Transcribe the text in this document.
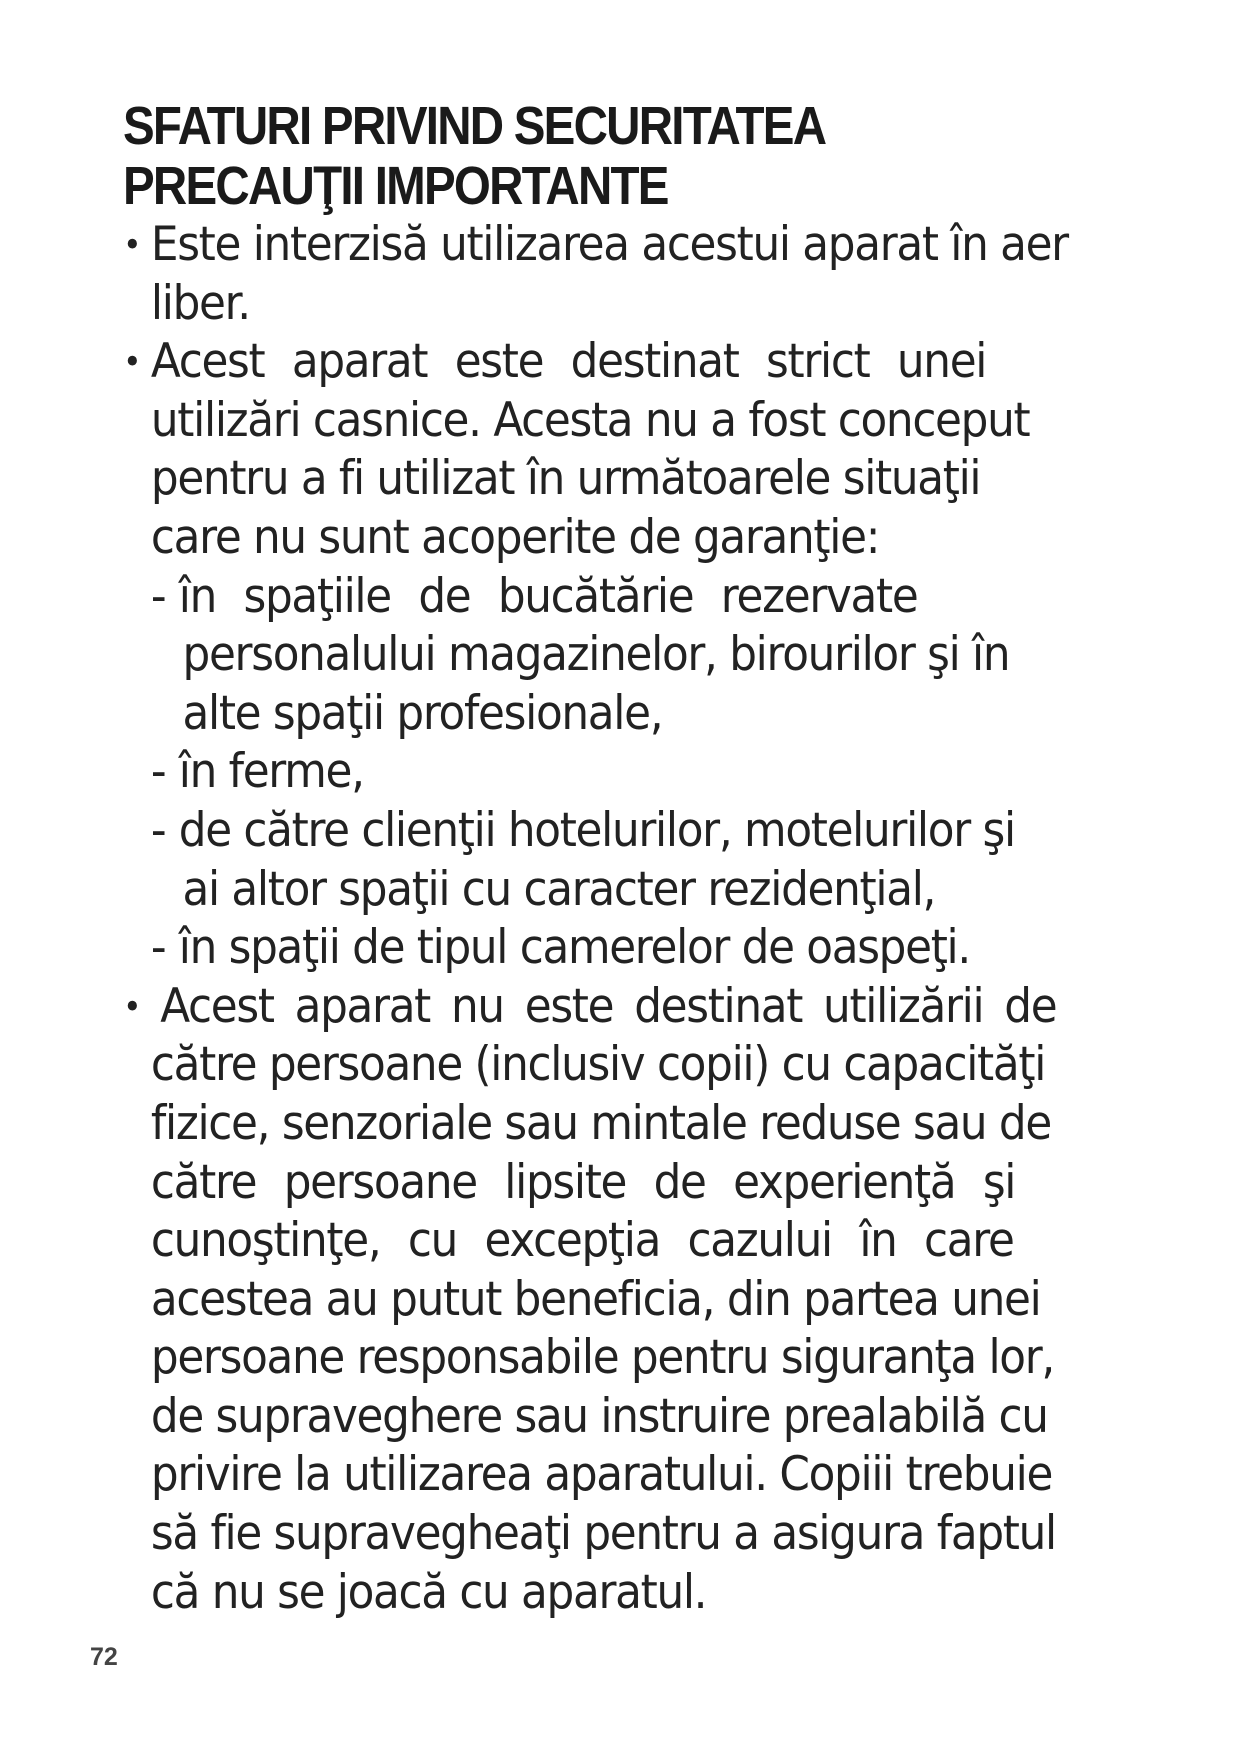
SFATURI PRIVIND SECURITATEA
PRECAUŢII IMPORTANTE
• Este interzisă utilizarea acestui aparat în aer
liber.
• Acest aparat este destinat strict unei
utilizări casnice. Acesta nu a fost conceput
pentru a fi utilizat în următoarele situaţii
care nu sunt acoperite de garanţie:
- în spaţiile de bucătărie rezervate
personalului magazinelor, birourilor şi în
alte spaţii profesionale,
- în ferme,
- de către clienţii hotelurilor, motelurilor şi
ai altor spaţii cu caracter rezidenţial,
- în spaţii de tipul camerelor de oaspeţi.
• Acest aparat nu este destinat utilizării de
către persoane (inclusiv copii) cu capacităţi
fizice, senzoriale sau mintale reduse sau de
către persoane lipsite de experienţă şi
cunoştinţe, cu excepţia cazului în care
acestea au putut beneficia, din partea unei
persoane responsabile pentru siguranţa lor,
de supraveghere sau instruire prealabilă cu
privire la utilizarea aparatului. Copiii trebuie
să fie supravegheaţi pentru a asigura faptul
că nu se joacă cu aparatul.
72
